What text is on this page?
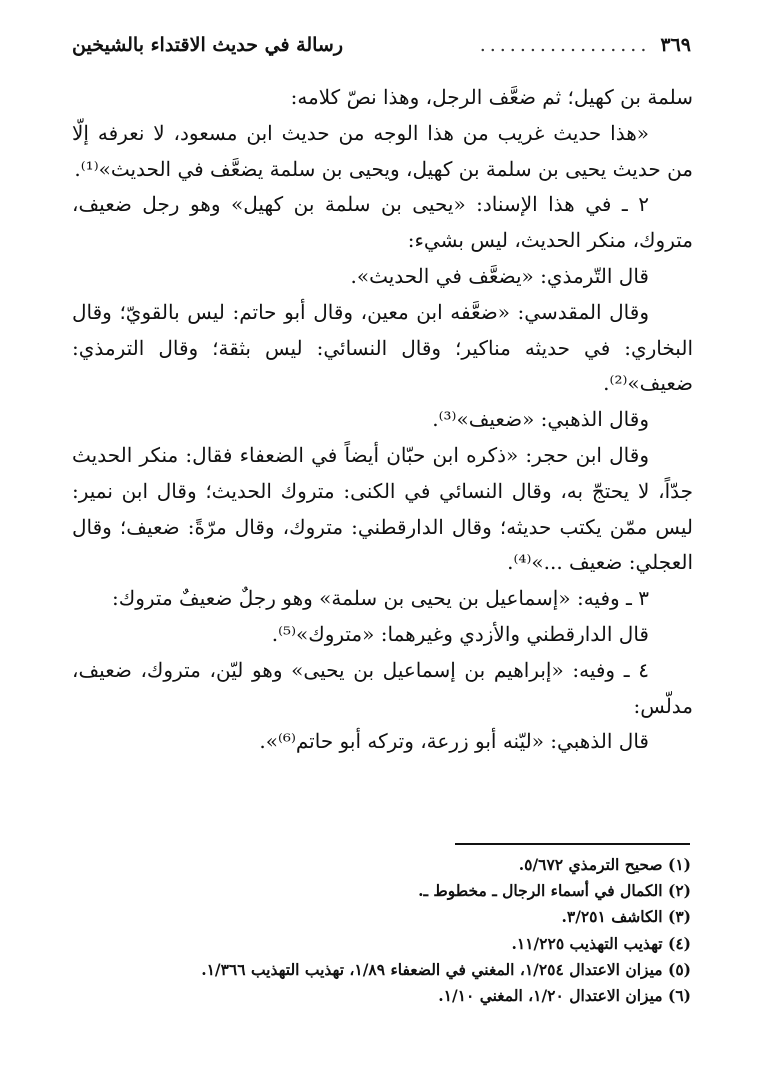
رسالة في حديث الاقتداء بالشيخين	................. ٣٦٩

سلمة بن كهيل؛ ثم ضعَّف الرجل، وهذا نصّ كلامه:

«هذا حديث غريب من هذا الوجه من حديث ابن مسعود، لا نعرفه إلّا من حديث يحيى بن سلمة بن كهيل، ويحيى بن سلمة يضعَّف في الحديث»⁽¹⁾.

٢ ـ في هذا الإسناد: «يحيى بن سلمة بن كهيل» وهو رجل ضعيف، متروك، منكر الحديث، ليس بشيء:

قال التّرمذي: «يضعَّف في الحديث».

وقال المقدسي: «ضعَّفه ابن معين، وقال أبو حاتم: ليس بالقويّ؛ وقال البخاري: في حديثه مناكير؛ وقال النسائي: ليس بثقة؛ وقال الترمذي: ضعيف»⁽²⁾.

وقال الذهبي: «ضعيف»⁽³⁾.

وقال ابن حجر: «ذكره ابن حبّان أيضاً في الضعفاء فقال: منكر الحديث جدّاً، لا يحتجّ به، وقال النسائي في الكنى: متروك الحديث؛ وقال ابن نمير: ليس ممّن يكتب حديثه؛ وقال الدارقطني: متروك، وقال مرّةً: ضعيف؛ وقال العجلي: ضعيف ...»⁽⁴⁾.

٣ ـ وفيه: «إسماعيل بن يحيى بن سلمة» وهو رجلٌ ضعيفٌ متروك:

قال الدارقطني والأزدي وغيرهما: «متروك»⁽⁵⁾.

٤ ـ وفيه: «إبراهيم بن إسماعيل بن يحيى» وهو ليّن، متروك، ضعيف، مدلّس:

قال الذهبي: «ليّنه أبو زرعة، وتركه أبو حاتم⁽⁶⁾».

(١) صحيح الترمذي ٥/٦٧٢.
(٢) الكمال في أسماء الرجال ـ مخطوط ـ.
(٣) الكاشف ٣/٢٥١.
(٤) تهذيب التهذيب ١١/٢٢٥.
(٥) ميزان الاعتدال ١/٢٥٤، المغني في الضعفاء ١/٨٩، تهذيب التهذيب ١/٣٦٦.
(٦) ميزان الاعتدال ١/٢٠، المغني ١/١٠.
